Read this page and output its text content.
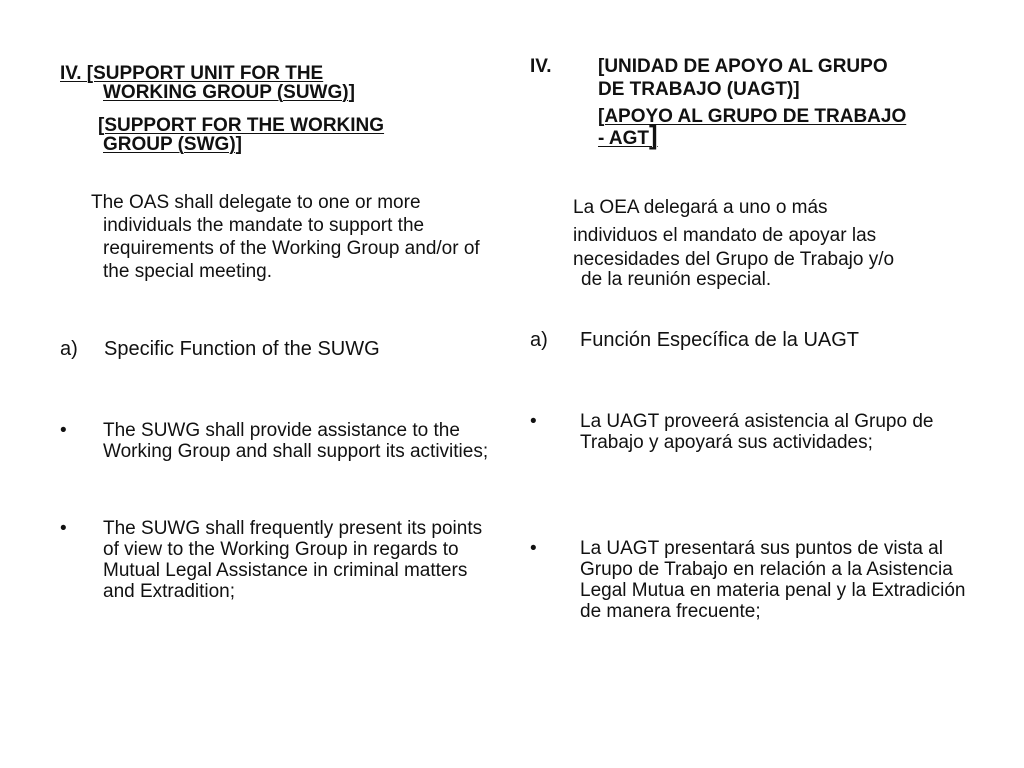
IV. [SUPPORT UNIT FOR THE
WORKING GROUP (SUWG)]
[SUPPORT FOR THE WORKING
GROUP (SWG)]
The OAS shall delegate to one or more individuals the mandate to support the requirements of the Working Group and/or of the special meeting.
a) Specific Function of the SUWG
• The SUWG shall provide assistance to the Working Group and shall support its activities;
• The SUWG shall frequently present its points of view to the Working Group in regards to Mutual Legal Assistance in criminal matters and Extradition;
IV. [UNIDAD DE APOYO AL GRUPO
DE TRABAJO (UAGT)]
[APOYO AL GRUPO DE TRABAJO
- AGT]
La OEA delegará a uno o más
individuos el mandato de apoyar las
necesidades del Grupo de Trabajo y/o
de la reunión especial.
a) Función Específica de la UAGT
• La UAGT proveerá asistencia al Grupo de Trabajo y apoyará sus actividades;
• La UAGT presentará sus puntos de vista al Grupo de Trabajo en relación a la Asistencia Legal Mutua en materia penal y la Extradición de manera frecuente;
